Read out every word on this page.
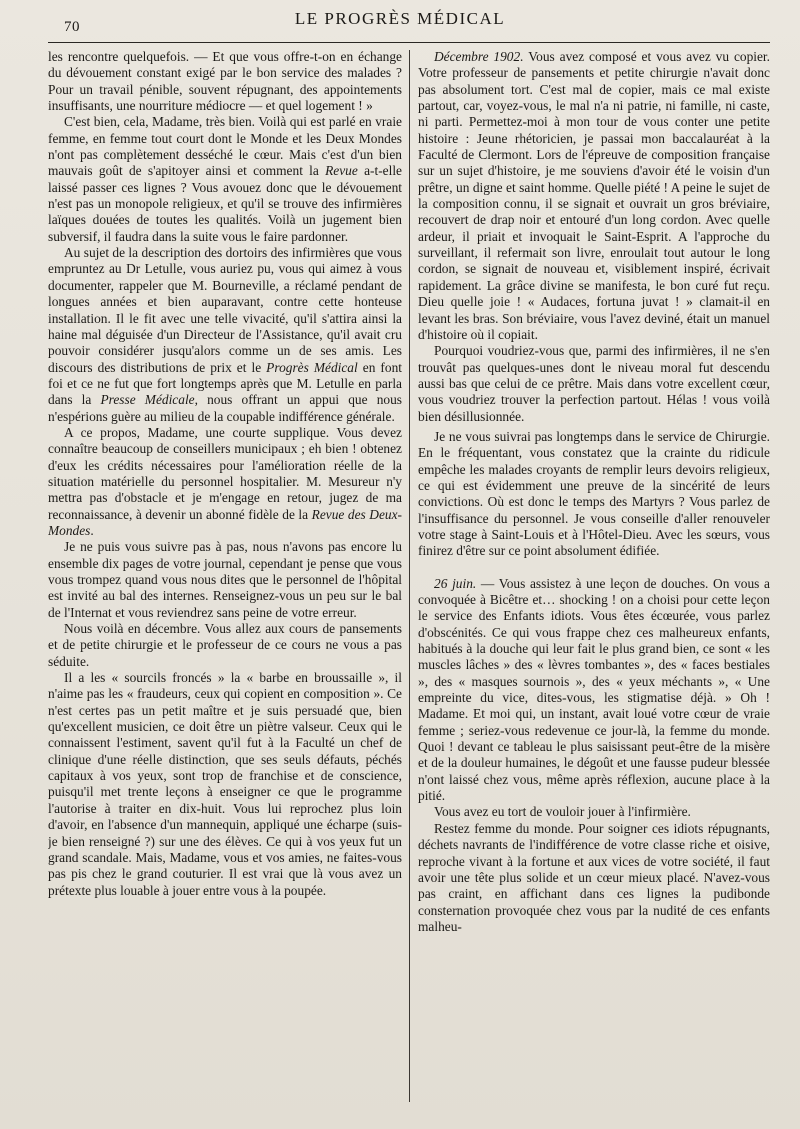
70	LE PROGRÈS MÉDICAL

les rencontre quelquefois. — Et que vous offre-t-on en échange du dévouement constant exigé par le bon service des malades ? Pour un travail pénible, souvent répugnant, des appointements insuffisants, une nourriture médiocre — et quel logement ! »

C'est bien, cela, Madame, très bien. Voilà qui est parlé en vraie femme, en femme tout court dont le Monde et les Deux Mondes n'ont pas complètement desséché le cœur. Mais c'est d'un bien mauvais goût de s'apitoyer ainsi et comment la Revue a-t-elle laissé passer ces lignes ? Vous avouez donc que le dévouement n'est pas un monopole religieux, et qu'il se trouve des infirmières laïques douées de toutes les qualités. Voilà un jugement bien subversif, il faudra dans la suite vous le faire pardonner.

Au sujet de la description des dortoirs des infirmières que vous empruntez au Dr Letulle, vous auriez pu, vous qui aimez à vous documenter, rappeler que M. Bourneville, a réclamé pendant de longues années et bien auparavant, contre cette honteuse installation. Il le fit avec une telle vivacité, qu'il s'attira ainsi la haine mal déguisée d'un Directeur de l'Assistance, qu'il avait cru pouvoir considérer jusqu'alors comme un de ses amis. Les discours des distributions de prix et le Progrès Médical en font foi et ce ne fut que fort longtemps après que M. Letulle en parla dans la Presse Médicale, nous offrant un appui que nous n'espérions guère au milieu de la coupable indifférence générale.

A ce propos, Madame, une courte supplique. Vous devez connaître beaucoup de conseillers municipaux ; eh bien ! obtenez d'eux les crédits nécessaires pour l'amélioration réelle de la situation matérielle du personnel hospitalier. M. Mesureur n'y mettra pas d'obstacle et je m'engage en retour, jugez de ma reconnaissance, à devenir un abonné fidèle de la Revue des Deux-Mondes.

Je ne puis vous suivre pas à pas, nous n'avons pas encore lu ensemble dix pages de votre journal, cependant je pense que vous vous trompez quand vous nous dites que le personnel de l'hôpital est invité au bal des internes. Renseignez-vous un peu sur le bal de l'Internat et vous reviendrez sans peine de votre erreur.

Nous voilà en décembre. Vous allez aux cours de pansements et de petite chirurgie et le professeur de ce cours ne vous a pas séduite.

Il a les « sourcils froncés » la « barbe en broussaille », il n'aime pas les « fraudeurs, ceux qui copient en composition ». Ce n'est certes pas un petit maître et je suis persuadé que, bien qu'excellent musicien, ce doit être un piètre valseur. Ceux qui le connaissent l'estiment, savent qu'il fut à la Faculté un chef de clinique d'une réelle distinction, que ses seuls défauts, péchés capitaux à vos yeux, sont trop de franchise et de conscience, puisqu'il met trente leçons à enseigner ce que le programme l'autorise à traiter en dix-huit. Vous lui reprochez plus loin d'avoir, en l'absence d'un mannequin, appliqué une écharpe (suis-je bien renseigné ?) sur une des élèves. Ce qui à vos yeux fut un grand scandale. Mais, Madame, vous et vos amies, ne faites-vous pas pis chez le grand couturier. Il est vrai que là vous avez un prétexte plus louable à jouer entre vous à la poupée.

Décembre 1902. Vous avez composé et vous avez vu copier. Votre professeur de pansements et petite chirurgie n'avait donc pas absolument tort. C'est mal de copier, mais ce mal existe partout, car, voyez-vous, le mal n'a ni patrie, ni famille, ni caste, ni parti. Permettez-moi à mon tour de vous conter une petite histoire : Jeune rhétoricien, je passai mon baccalauréat à la Faculté de Clermont. Lors de l'épreuve de composition française sur un sujet d'histoire, je me souviens d'avoir été le voisin d'un prêtre, un digne et saint homme. Quelle piété ! A peine le sujet de la composition connu, il se signait et ouvrait un gros bréviaire, recouvert de drap noir et entouré d'un long cordon. Avec quelle ardeur, il priait et invoquait le Saint-Esprit. A l'approche du surveillant, il refermait son livre, enroulait tout autour le long cordon, se signait de nouveau et, visiblement inspiré, écrivait rapidement. La grâce divine se manifesta, le bon curé fut reçu. Dieu quelle joie ! « Audaces, fortuna juvat ! » clamait-il en levant les bras. Son bréviaire, vous l'avez deviné, était un manuel d'histoire où il copiait.

Pourquoi voudriez-vous que, parmi des infirmières, il ne s'en trouvât pas quelques-unes dont le niveau moral fut descendu aussi bas que celui de ce prêtre. Mais dans votre excellent cœur, vous voudriez trouver la perfection partout. Hélas ! vous voilà bien désillusionnée.

Je ne vous suivrai pas longtemps dans le service de Chirurgie. En le fréquentant, vous constatez que la crainte du ridicule empêche les malades croyants de remplir leurs devoirs religieux, ce qui est évidemment une preuve de la sincérité de leurs convictions. Où est donc le temps des Martyrs ? Vous parlez de l'insuffisance du personnel. Je vous conseille d'aller renouveler votre stage à Saint-Louis et à l'Hôtel-Dieu. Avec les sœurs, vous finirez d'être sur ce point absolument édifiée.

26 juin. — Vous assistez à une leçon de douches. On vous a convoquée à Bicêtre et… shocking ! on a choisi pour cette leçon le service des Enfants idiots. Vous êtes écœurée, vous parlez d'obscénités. Ce qui vous frappe chez ces malheureux enfants, habitués à la douche qui leur fait le plus grand bien, ce sont « les muscles lâches » des « lèvres tombantes », des « faces bestiales », des « masques sournois », des « yeux méchants », « Une empreinte du vice, dites-vous, les stigmatise déjà. » Oh ! Madame. Et moi qui, un instant, avait loué votre cœur de vraie femme ; seriez-vous redevenue ce jour-là, la femme du monde. Quoi ! devant ce tableau le plus saisissant peut-être de la misère et de la douleur humaines, le dégoût et une fausse pudeur blessée n'ont laissé chez vous, même après réflexion, aucune place à la pitié.

Vous avez eu tort de vouloir jouer à l'infirmière.

Restez femme du monde. Pour soigner ces idiots répugnants, déchets navrants de l'indifférence de votre classe riche et oisive, reproche vivant à la fortune et aux vices de votre société, il faut avoir une tête plus solide et un cœur mieux placé. N'avez-vous pas craint, en affichant dans ces lignes la pudibonde consternation provoquée chez vous par la nudité de ces enfants malheu-
